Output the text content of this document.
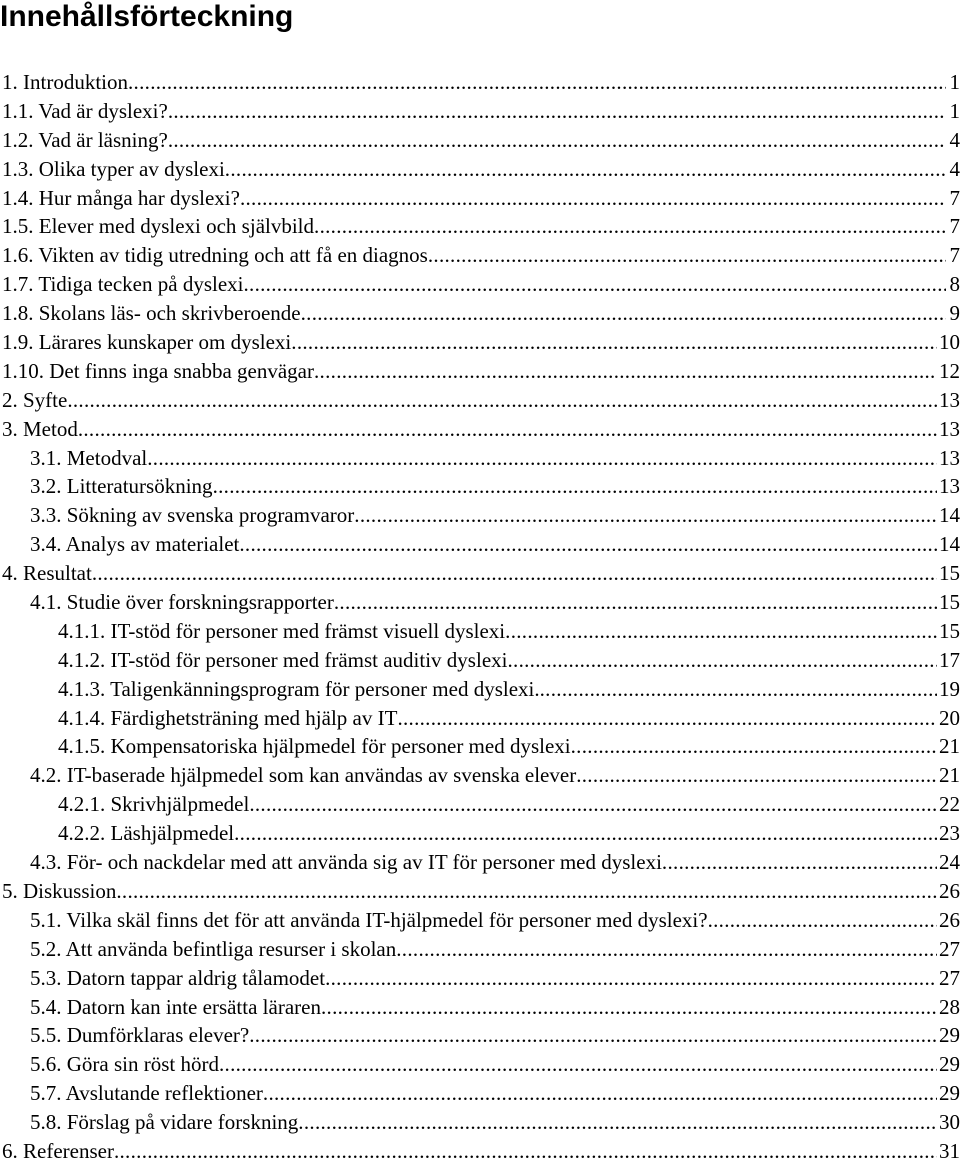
Innehållsförteckning
1. Introduktion .....	1
1.1. Vad är dyslexi? .....	1
1.2. Vad är läsning? .....	4
1.3. Olika typer av dyslexi .....	4
1.4. Hur många har dyslexi? .....	7
1.5. Elever med dyslexi och självbild .....	7
1.6. Vikten av tidig utredning och att få en diagnos .....	7
1.7. Tidiga tecken på dyslexi .....	8
1.8. Skolans läs- och skrivberoende .....	9
1.9. Lärares kunskaper om dyslexi .....	10
1.10. Det finns inga snabba genvägar .....	12
2. Syfte .....	13
3. Metod .....	13
3.1. Metodval .....	13
3.2. Litteratursökning .....	13
3.3. Sökning av svenska programvaror .....	14
3.4. Analys av materialet .....	14
4. Resultat .....	15
4.1. Studie över forskningsrapporter .....	15
4.1.1. IT-stöd för personer med främst visuell dyslexi .....	15
4.1.2. IT-stöd för personer med främst auditiv dyslexi .....	17
4.1.3. Taligenkänningsprogram för personer med dyslexi. .....	19
4.1.4. Färdighetsträning med hjälp av IT .....	20
4.1.5. Kompensatoriska hjälpmedel för personer med dyslexi .....	21
4.2. IT-baserade hjälpmedel som kan användas av svenska elever .....	21
4.2.1. Skrivhjälpmedel .....	22
4.2.2. Läshjälpmedel .....	23
4.3. För- och nackdelar med att använda sig av IT för personer med dyslexi .....	24
5. Diskussion .....	26
5.1. Vilka skäl finns det för att använda IT-hjälpmedel för personer med dyslexi? .....	26
5.2. Att använda befintliga resurser i skolan .....	27
5.3. Datorn tappar aldrig tålamodet .....	27
5.4. Datorn kan inte ersätta läraren .....	28
5.5. Dumförklaras elever? .....	29
5.6. Göra sin röst hörd .....	29
5.7. Avslutande reflektioner .....	29
5.8. Förslag på vidare forskning .....	30
6. Referenser .....	31
